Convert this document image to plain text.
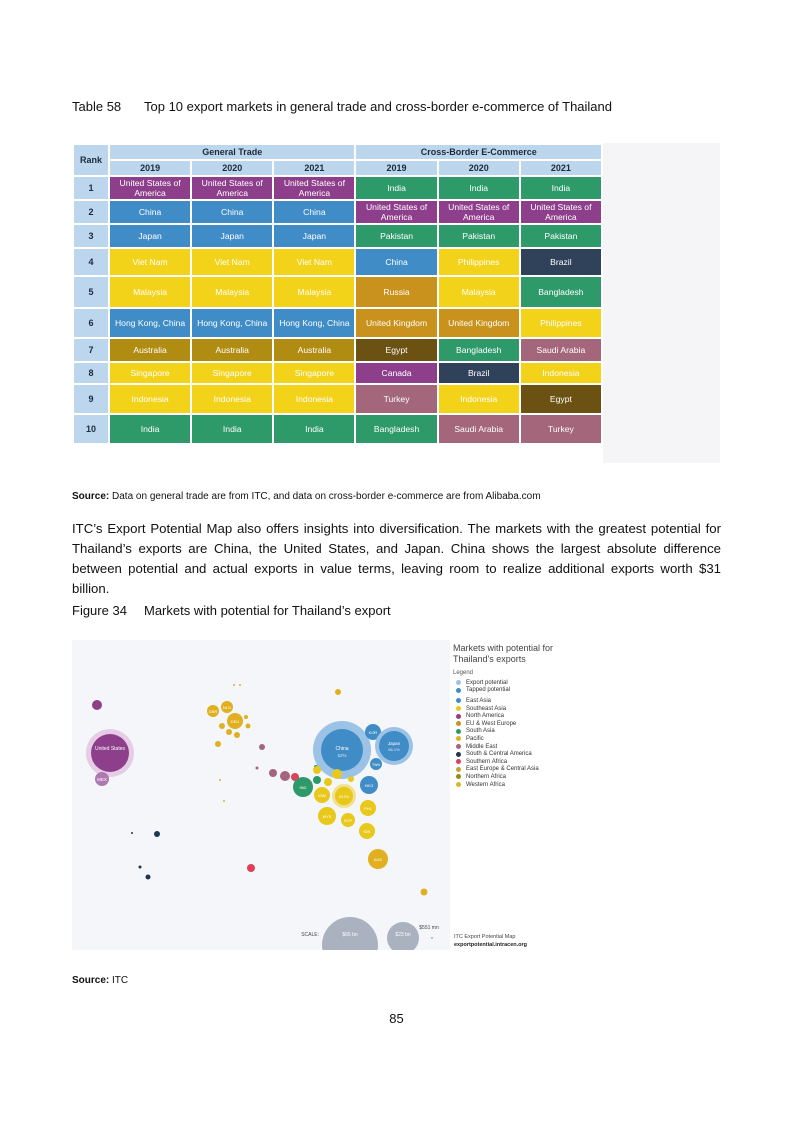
Table 58 Top 10 export markets in general trade and cross-border e-commerce of Thailand
Rank	General Trade			Cross-Border E-Commerce		
	2019	2020	2021	2019	2020	2021
1	United States of America	United States of America	United States of America	India	India	India
2	China	China	China	United States of America	United States of America	United States of America
3	Japan	Japan	Japan	Pakistan	Pakistan	Pakistan
4	Viet Nam	Viet Nam	Viet Nam	China	Philippines	Brazil
5	Malaysia	Malaysia	Malaysia	Russia	Malaysia	Bangladesh
6	Hong Kong, China	Hong Kong, China	Hong Kong, China	United Kingdom	United Kingdom	Philippines
7	Australia	Australia	Australia	Egypt	Bangladesh	Saudi Arabia
8	Singapore	Singapore	Singapore	Canada	Brazil	Indonesia
9	Indonesia	Indonesia	Indonesia	Turkey	Indonesia	Egypt
10	India	India	India	Bangladesh	Saudi Arabia	Turkey
Source: Data on general trade are from ITC, and data on cross-border e-commerce are from Alibaba.com
ITC’s Export Potential Map also offers insights into diversification. The markets with the greatest potential for Thailand’s exports are China, the United States, and Japan. China shows the largest absolute difference between potential and actual exports in value terms, leaving room to realize additional exports worth $31 billion.
Figure 34 Markets with potential for Thailand’s export
United States
MEX
GBR
NLD
DEU
China
52%
KOR
Japan
66.1%
TWN
HKG
IND
VNM	53.2%
MYS
SGP
PHL
IDN
AUS
SCALE:	$65 bn	$23 bn
$551 mn
ITC Export Potential Map
exportpotential.intracen.org
Markets with potential for Thailand's exports
Legend
Export potential
Tapped potential
East Asia
Southeast Asia
North America
EU & West Europe
South Asia
Pacific
Middle East
South & Central America
Southern Africa
East Europe & Central Asia
Northern Africa
Western Africa
Source: ITC
85
